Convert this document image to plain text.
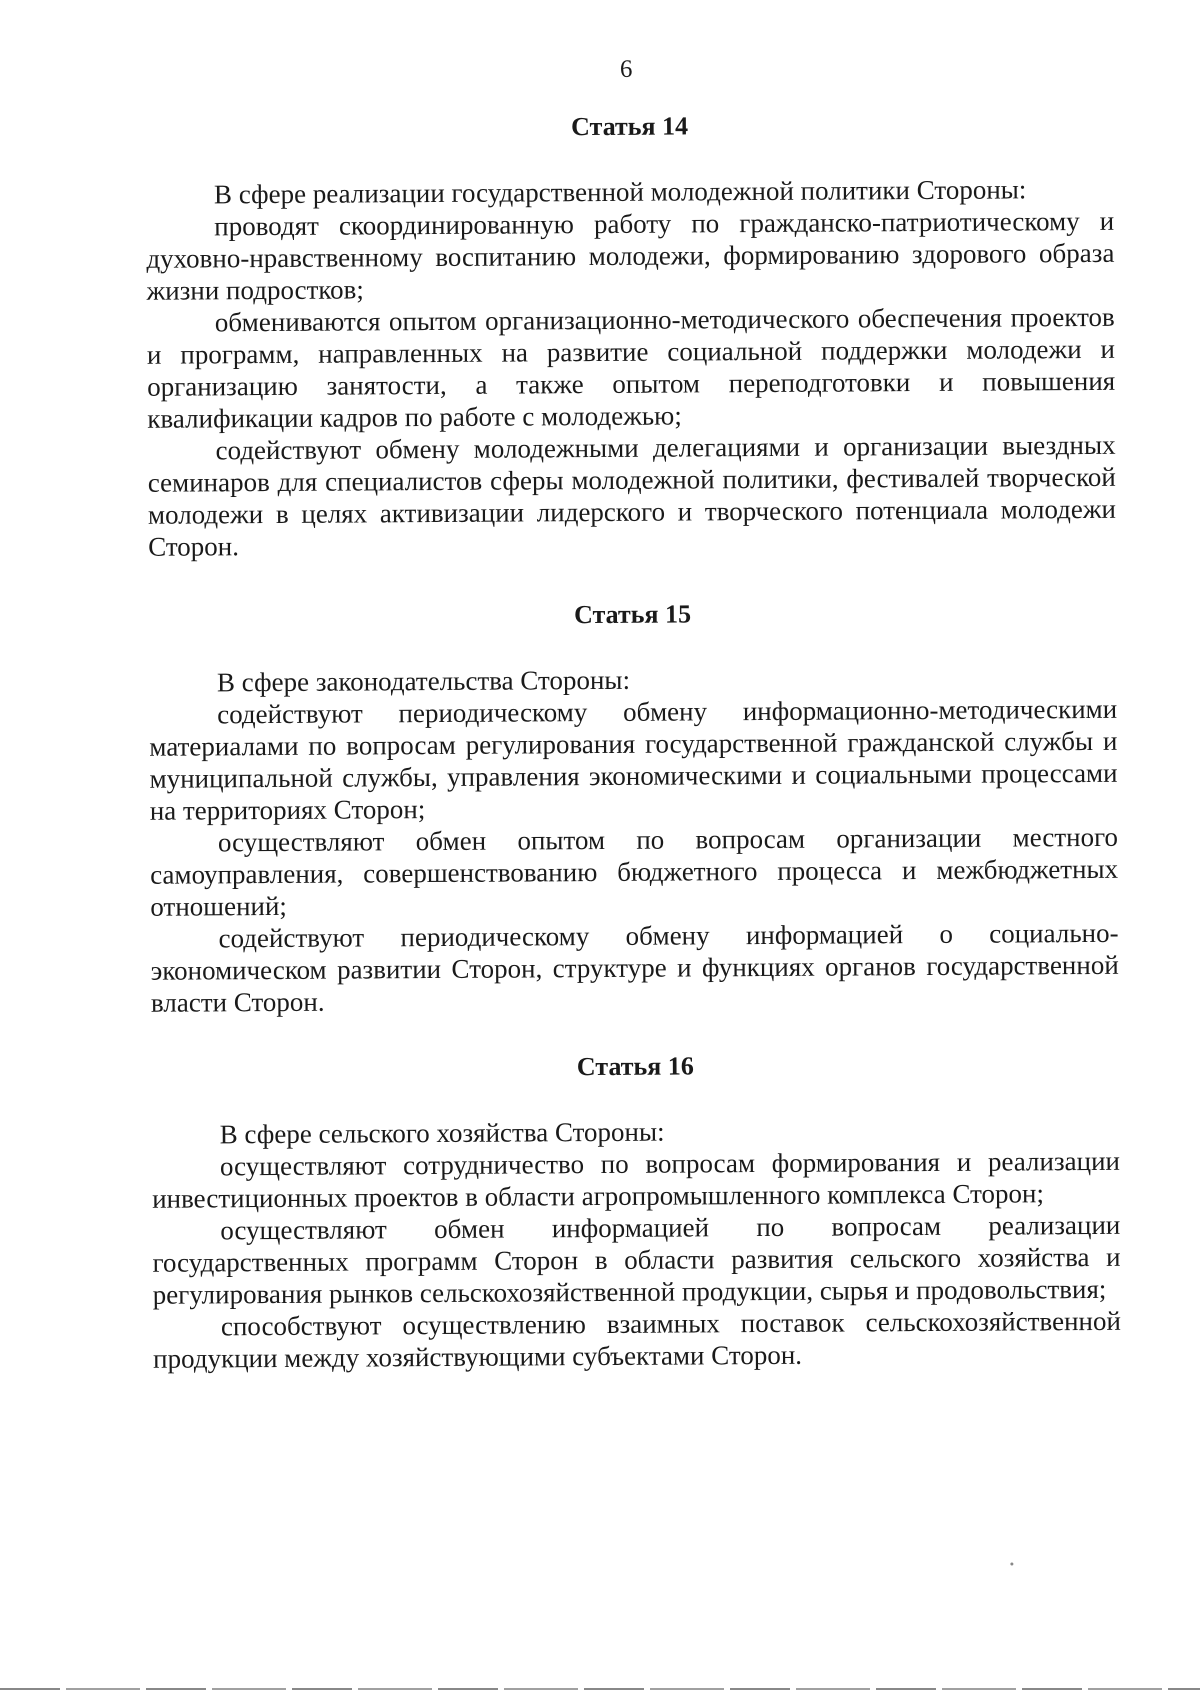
6
Статья 14

В сфере реализации государственной молодежной политики Стороны:

проводят скоординированную работу по гражданско-патриотическому и духовно-нравственному воспитанию молодежи, формированию здорового образа жизни подростков;

обмениваются опытом организационно-методического обеспечения проектов и программ, направленных на развитие социальной поддержки молодежи и организацию занятости, а также опытом переподготовки и повышения квалификации кадров по работе с молодежью;

содействуют обмену молодежными делегациями и организации выездных семинаров для специалистов сферы молодежной политики, фестивалей творческой молодежи в целях активизации лидерского и творческого потенциала молодежи Сторон.

Статья 15

В сфере законодательства Стороны:

содействуют периодическому обмену информационно-методическими материалами по вопросам регулирования государственной гражданской службы и муниципальной службы, управления экономическими и социальными процессами на территориях Сторон;

осуществляют обмен опытом по вопросам организации местного самоуправления, совершенствованию бюджетного процесса и межбюджетных отношений;

содействуют периодическому обмену информацией о социально-экономическом развитии Сторон, структуре и функциях органов государственной власти Сторон.

Статья 16

В сфере сельского хозяйства Стороны:

осуществляют сотрудничество по вопросам формирования и реализации инвестиционных проектов в области агропромышленного комплекса Сторон;

осуществляют обмен информацией по вопросам реализации государственных программ Сторон в области развития сельского хозяйства и регулирования рынков сельскохозяйственной продукции, сырья и продовольствия;

способствуют осуществлению взаимных поставок сельскохозяйственной продукции между хозяйствующими субъектами Сторон.
